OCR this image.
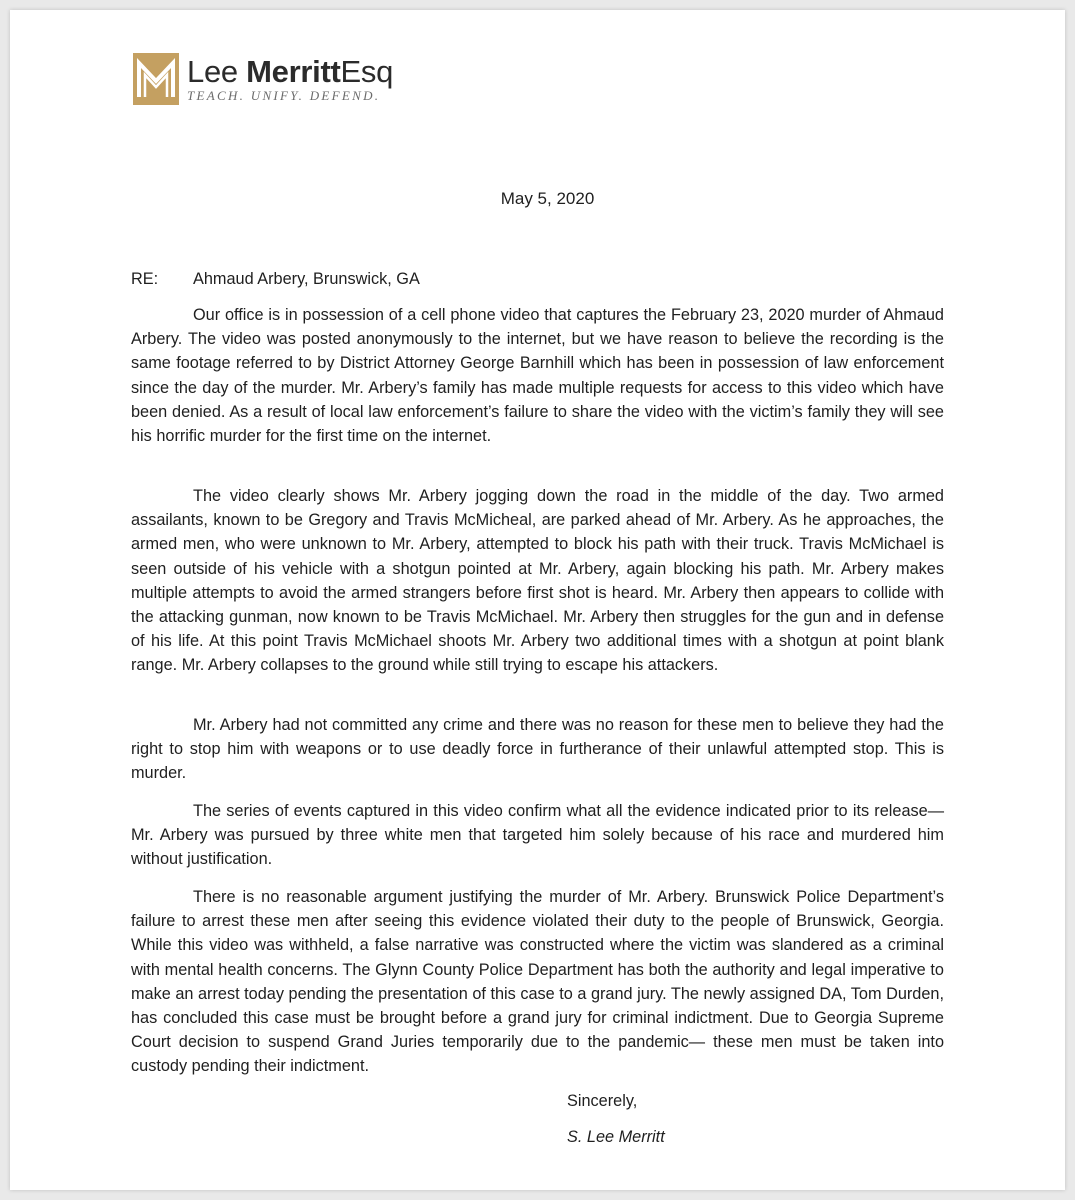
Lee MerrittEsq
TEACH. UNIFY. DEFEND.
May 5, 2020
RE: Ahmaud Arbery, Brunswick, GA

Our office is in possession of a cell phone video that captures the February 23, 2020 murder of Ahmaud Arbery. The video was posted anonymously to the internet, but we have reason to believe the recording is the same footage referred to by District Attorney George Barnhill which has been in possession of law enforcement since the day of the murder. Mr. Arbery’s family has made multiple requests for access to this video which have been denied. As a result of local law enforcement’s failure to share the video with the victim’s family they will see his horrific murder for the first time on the internet.

The video clearly shows Mr. Arbery jogging down the road in the middle of the day. Two armed assailants, known to be Gregory and Travis McMicheal, are parked ahead of Mr. Arbery. As he approaches, the armed men, who were unknown to Mr. Arbery, attempted to block his path with their truck. Travis McMichael is seen outside of his vehicle with a shotgun pointed at Mr. Arbery, again blocking his path. Mr. Arbery makes multiple attempts to avoid the armed strangers before first shot is heard. Mr. Arbery then appears to collide with the attacking gunman, now known to be Travis McMichael. Mr. Arbery then struggles for the gun and in defense of his life. At this point Travis McMichael shoots Mr. Arbery two additional times with a shotgun at point blank range. Mr. Arbery collapses to the ground while still trying to escape his attackers.

Mr. Arbery had not committed any crime and there was no reason for these men to believe they had the right to stop him with weapons or to use deadly force in furtherance of their unlawful attempted stop. This is murder.

The series of events captured in this video confirm what all the evidence indicated prior to its release— Mr. Arbery was pursued by three white men that targeted him solely because of his race and murdered him without justification.

There is no reasonable argument justifying the murder of Mr. Arbery. Brunswick Police Department’s failure to arrest these men after seeing this evidence violated their duty to the people of Brunswick, Georgia. While this video was withheld, a false narrative was constructed where the victim was slandered as a criminal with mental health concerns. The Glynn County Police Department has both the authority and legal imperative to make an arrest today pending the presentation of this case to a grand jury. The newly assigned DA, Tom Durden, has concluded this case must be brought before a grand jury for criminal indictment. Due to Georgia Supreme Court decision to suspend Grand Juries temporarily due to the pandemic— these men must be taken into custody pending their indictment.

Sincerely,
S. Lee Merritt
